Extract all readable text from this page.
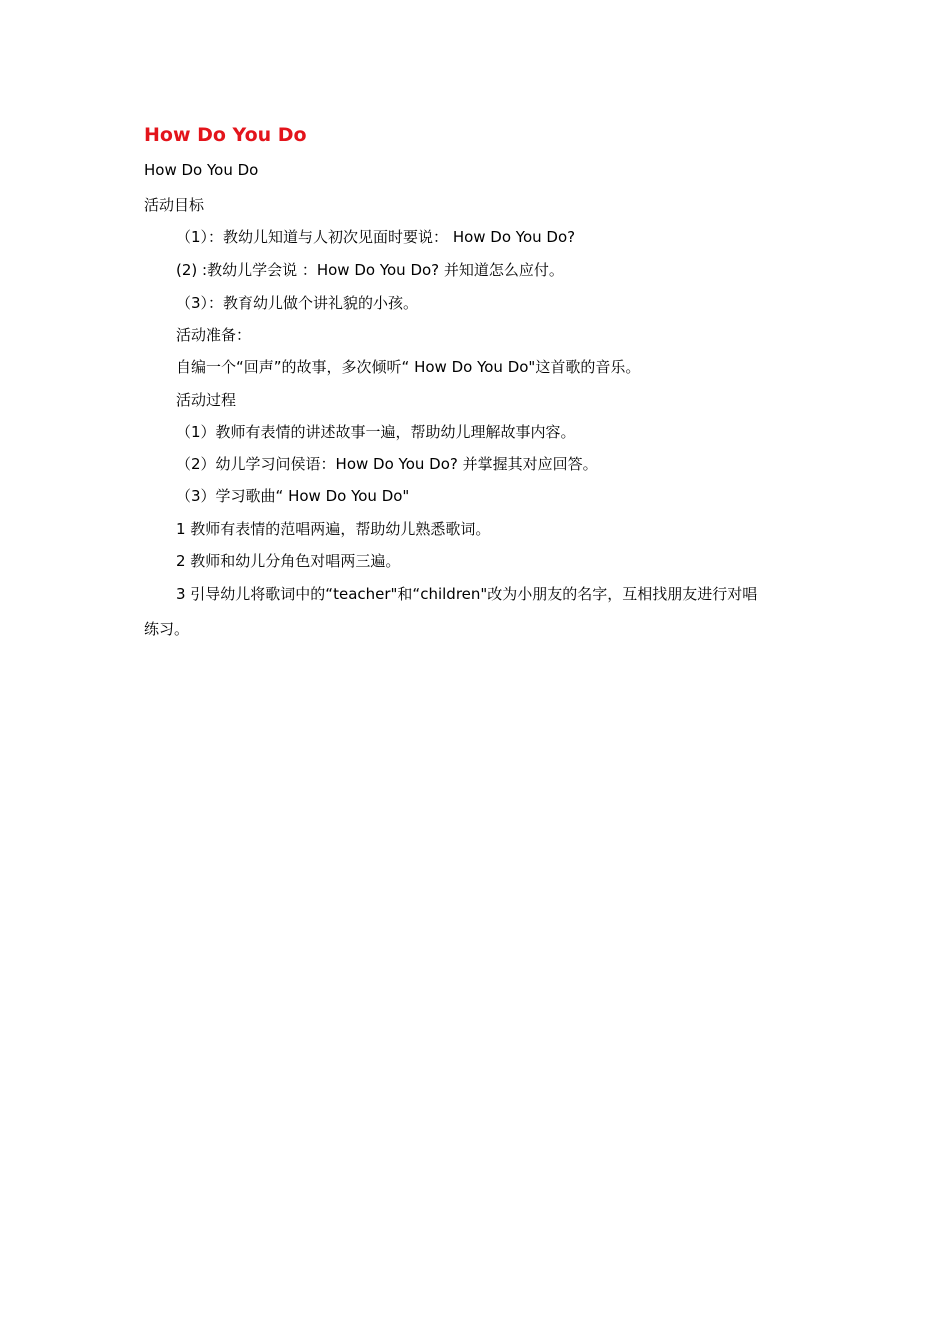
How Do You Do
How Do You Do
活动目标
（1）：教幼儿知道与人初次见面时要说： How Do You Do?
(2) :教幼儿学会说 ：How Do You Do? 并知道怎么应付。
（3）：教育幼儿做个讲礼貌的小孩。
活动准备：
自编一个“回声”的故事，多次倾听“ How Do You Do"这首歌的音乐。
活动过程
（1）教师有表情的讲述故事一遍，帮助幼儿理解故事内容。
（2）幼儿学习问侯语：How Do You Do? 并掌握其对应回答。
（3）学习歌曲“ How Do You Do"
1 教师有表情的范唱两遍，帮助幼儿熟悉歌词。
2 教师和幼儿分角色对唱两三遍。
3 引导幼儿将歌词中的“teacher"和“children"改为小朋友的名字，互相找朋友进行对唱
练习。
